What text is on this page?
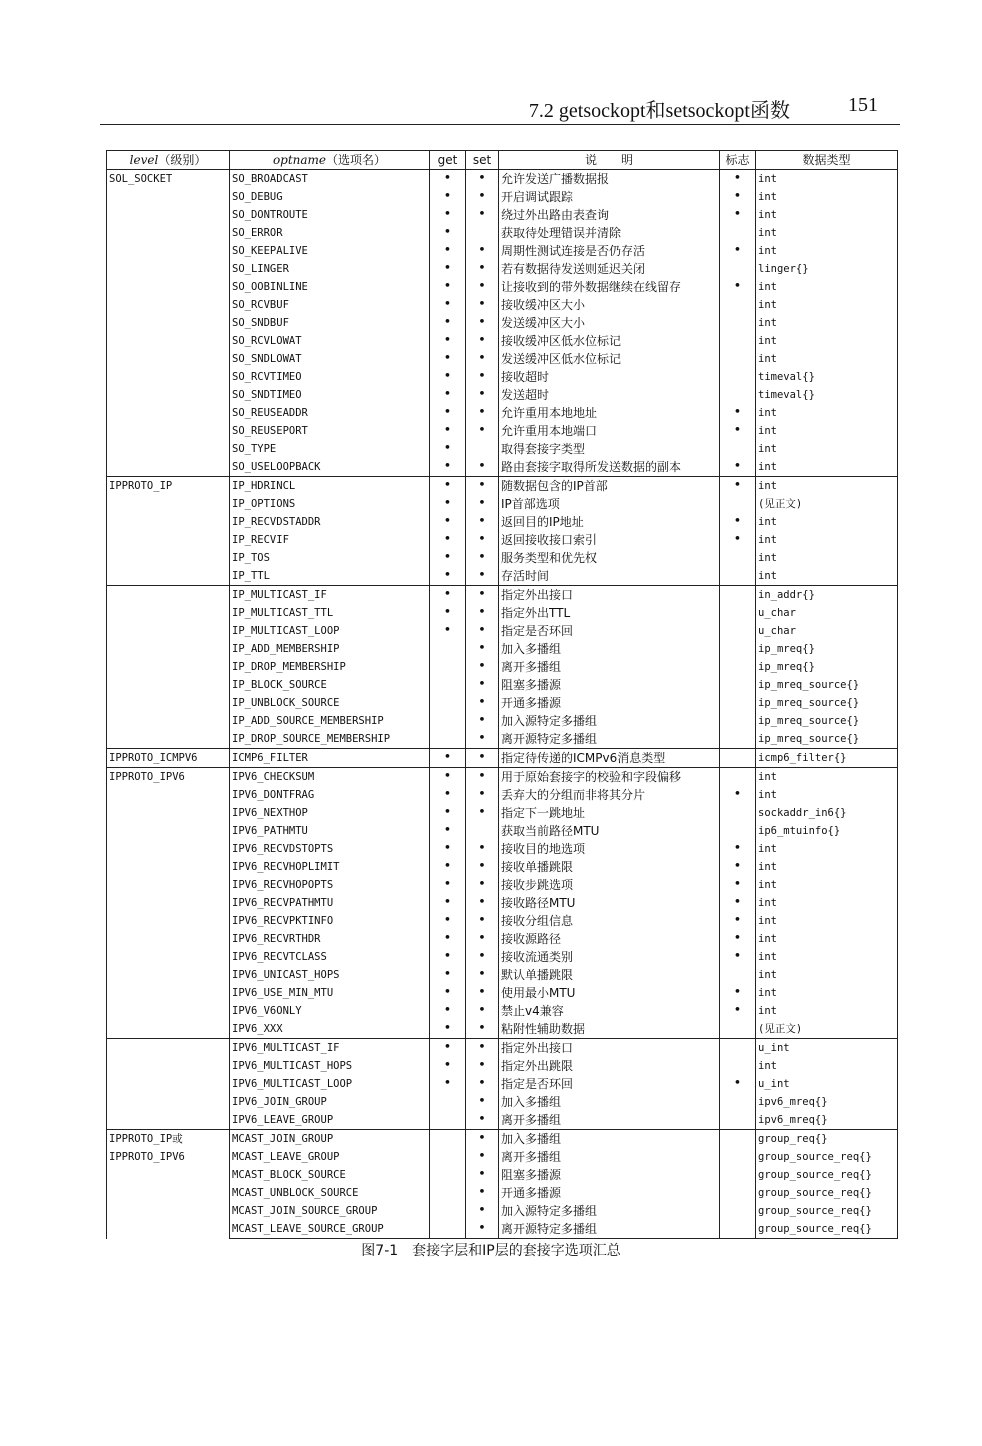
7.2 getsockopt和setsockopt函数	151
level（级别）	optname（选项名）	get	set	说　　明	标志	数据类型

SOL_SOCKET	SO_BROADCAST	•	•	允许发送广播数据报	•	int
	SO_DEBUG	•	•	开启调试跟踪	•	int
	SO_DONTROUTE	•	•	绕过外出路由表查询	•	int
	SO_ERROR	•		获取待处理错误并清除		int
	SO_KEEPALIVE	•	•	周期性测试连接是否仍存活	•	int
	SO_LINGER	•	•	若有数据待发送则延迟关闭		linger{}
	SO_OOBINLINE	•	•	让接收到的带外数据继续在线留存	•	int
	SO_RCVBUF	•	•	接收缓冲区大小		int
	SO_SNDBUF	•	•	发送缓冲区大小		int
	SO_RCVLOWAT	•	•	接收缓冲区低水位标记		int
	SO_SNDLOWAT	•	•	发送缓冲区低水位标记		int
	SO_RCVTIMEO	•	•	接收超时		timeval{}
	SO_SNDTIMEO	•	•	发送超时		timeval{}
	SO_REUSEADDR	•	•	允许重用本地地址	•	int
	SO_REUSEPORT	•	•	允许重用本地端口	•	int
	SO_TYPE	•		取得套接字类型		int
	SO_USELOOPBACK	•	•	路由套接字取得所发送数据的副本	•	int

IPPROTO_IP	IP_HDRINCL	•	•	随数据包含的IP首部	•	int
	IP_OPTIONS	•	•	IP首部选项		(见正文)
	IP_RECVDSTADDR	•	•	返回目的IP地址	•	int
	IP_RECVIF	•	•	返回接收接口索引	•	int
	IP_TOS	•	•	服务类型和优先权		int
	IP_TTL	•	•	存活时间		int
	IP_MULTICAST_IF	•	•	指定外出接口		in_addr{}
	IP_MULTICAST_TTL	•	•	指定外出TTL		u_char
	IP_MULTICAST_LOOP	•	•	指定是否环回		u_char
	IP_ADD_MEMBERSHIP		•	加入多播组		ip_mreq{}
	IP_DROP_MEMBERSHIP		•	离开多播组		ip_mreq{}
	IP_BLOCK_SOURCE		•	阻塞多播源		ip_mreq_source{}
	IP_UNBLOCK_SOURCE		•	开通多播源		ip_mreq_source{}
	IP_ADD_SOURCE_MEMBERSHIP		•	加入源特定多播组		ip_mreq_source{}
	IP_DROP_SOURCE_MEMBERSHIP		•	离开源特定多播组		ip_mreq_source{}

IPPROTO_ICMPV6	ICMP6_FILTER	•	•	指定待传递的ICMPv6消息类型		icmp6_filter{}

IPPROTO_IPV6	IPV6_CHECKSUM	•	•	用于原始套接字的校验和字段偏移		int
	IPV6_DONTFRAG	•	•	丢弃大的分组而非将其分片	•	int
	IPV6_NEXTHOP	•	•	指定下一跳地址		sockaddr_in6{}
	IPV6_PATHMTU	•		获取当前路径MTU		ip6_mtuinfo{}
	IPV6_RECVDSTOPTS	•	•	接收目的地选项	•	int
	IPV6_RECVHOPLIMIT	•	•	接收单播跳限	•	int
	IPV6_RECVHOPOPTS	•	•	接收步跳选项	•	int
	IPV6_RECVPATHMTU	•	•	接收路径MTU	•	int
	IPV6_RECVPKTINFO	•	•	接收分组信息	•	int
	IPV6_RECVRTHDR	•	•	接收源路径	•	int
	IPV6_RECVTCLASS	•	•	接收流通类别	•	int
	IPV6_UNICAST_HOPS	•	•	默认单播跳限		int
	IPV6_USE_MIN_MTU	•	•	使用最小MTU	•	int
	IPV6_V6ONLY	•	•	禁止v4兼容	•	int
	IPV6_XXX	•	•	粘附性辅助数据		(见正文)
	IPV6_MULTICAST_IF	•	•	指定外出接口		u_int
	IPV6_MULTICAST_HOPS	•	•	指定外出跳限		int
	IPV6_MULTICAST_LOOP	•	•	指定是否环回	•	u_int
	IPV6_JOIN_GROUP		•	加入多播组		ipv6_mreq{}
	IPV6_LEAVE_GROUP		•	离开多播组		ipv6_mreq{}

IPPROTO_IP或
IPPROTO_IPV6	MCAST_JOIN_GROUP		•	加入多播组		group_req{}
	MCAST_LEAVE_GROUP		•	离开多播组		group_source_req{}
	MCAST_BLOCK_SOURCE		•	阻塞多播源		group_source_req{}
	MCAST_UNBLOCK_SOURCE		•	开通多播源		group_source_req{}
	MCAST_JOIN_SOURCE_GROUP		•	加入源特定多播组		group_source_req{}
	MCAST_LEAVE_SOURCE_GROUP		•	离开源特定多播组		group_source_req{}
图7-1　套接字层和IP层的套接字选项汇总
